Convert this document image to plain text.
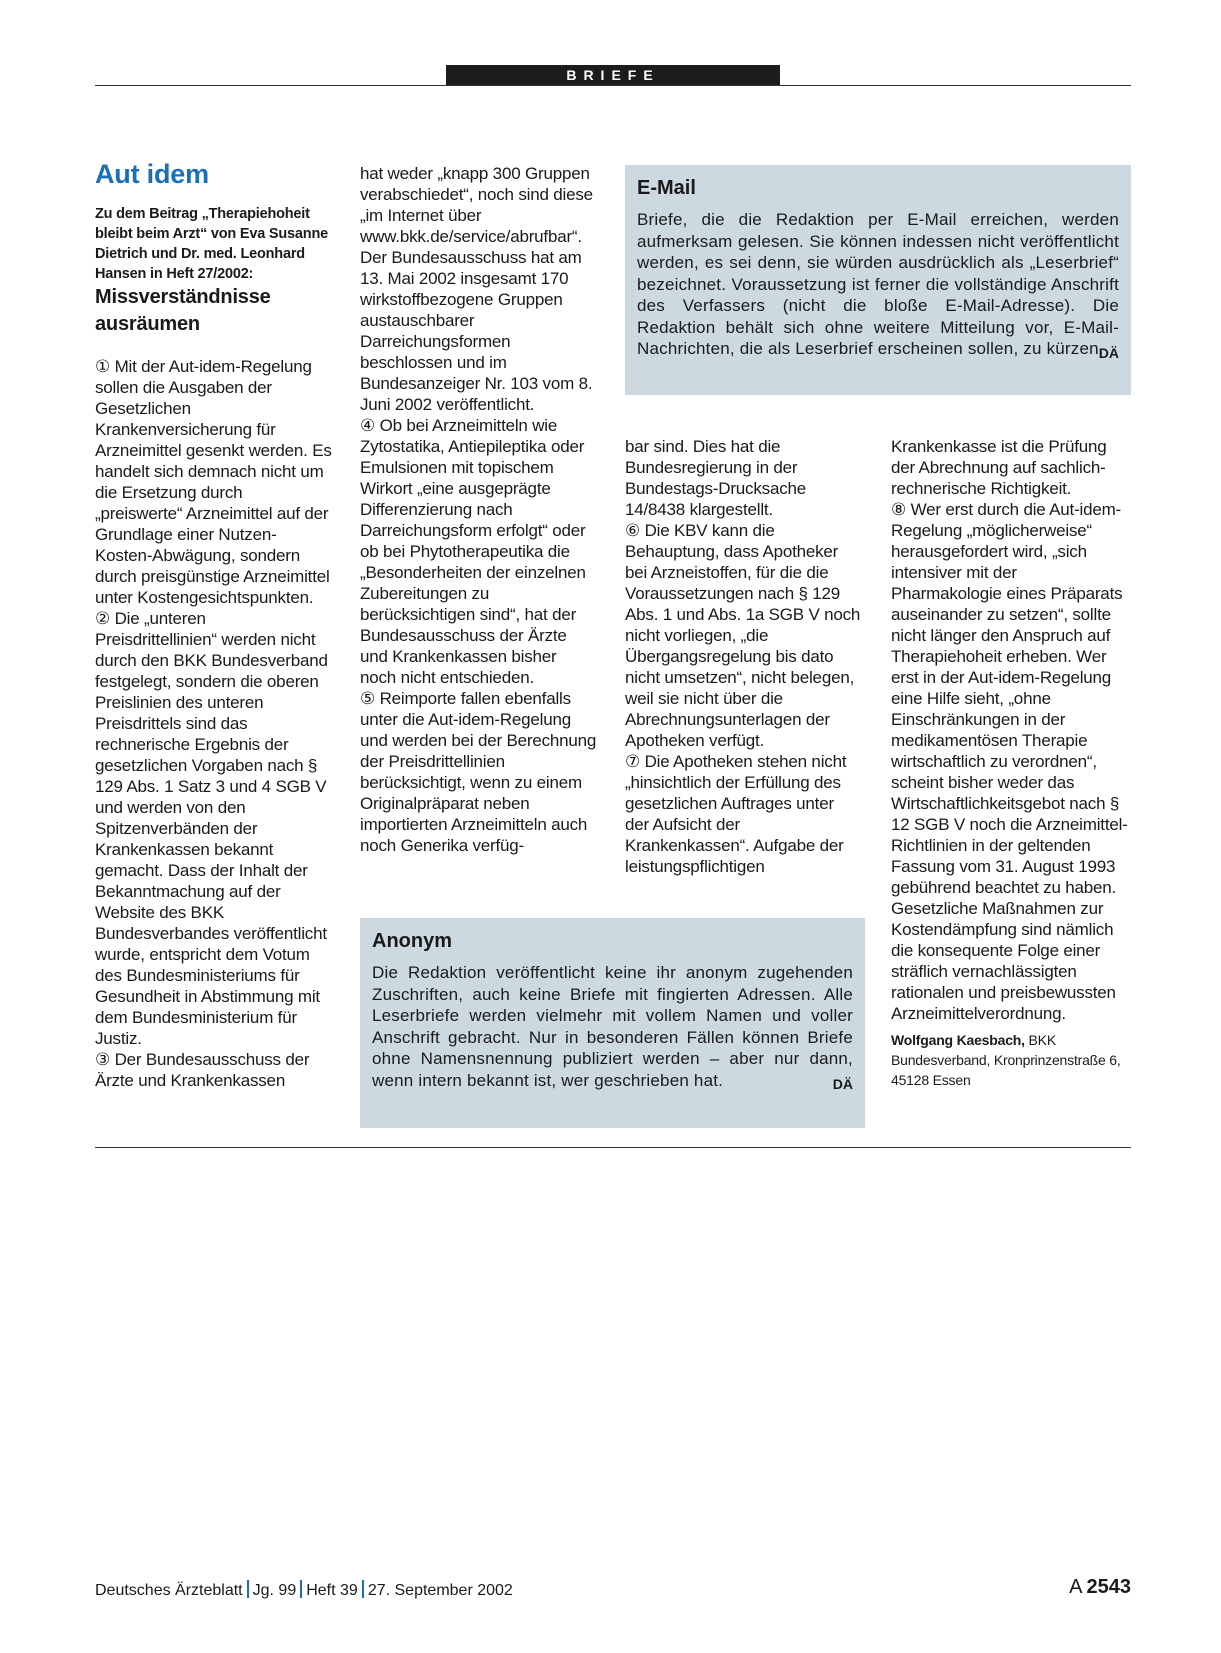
BRIEFE
Aut idem

Zu dem Beitrag „Therapiehoheit bleibt beim Arzt“ von Eva Susanne Dietrich und Dr. med. Leonhard Hansen in Heft 27/2002:

Missverständnisse ausräumen

① Mit der Aut-idem-Regelung sollen die Ausgaben der Gesetzlichen Krankenversicherung für Arzneimittel gesenkt werden. Es handelt sich demnach nicht um die Ersetzung durch „preiswerte“ Arzneimittel auf der Grundlage einer Nutzen-Kosten-Abwägung, sondern durch preisgünstige Arzneimittel unter Kostengesichtspunkten.

② Die „unteren Preisdrittellinien“ werden nicht durch den BKK Bundesverband festgelegt, sondern die oberen Preislinien des unteren Preisdrittels sind das rechnerische Ergebnis der gesetzlichen Vorgaben nach § 129 Abs. 1 Satz 3 und 4 SGB V und werden von den Spitzenverbänden der Krankenkassen bekannt gemacht. Dass der Inhalt der Bekanntmachung auf der Website des BKK Bundesverbandes veröffentlicht wurde, entspricht dem Votum des Bundesministeriums für Gesundheit in Abstimmung mit dem Bundesministerium für Justiz.

③ Der Bundesausschuss der Ärzte und Krankenkassen

hat weder „knapp 300 Gruppen verabschiedet“, noch sind diese „im Internet über www.bkk.de/service/abrufbar“. Der Bundesausschuss hat am 13. Mai 2002 insgesamt 170 wirkstoffbezogene Gruppen austauschbarer Darreichungsformen beschlossen und im Bundesanzeiger Nr. 103 vom 8. Juni 2002 veröffentlicht.

④ Ob bei Arzneimitteln wie Zytostatika, Antiepileptika oder Emulsionen mit topischem Wirkort „eine ausgeprägte Differenzierung nach Darreichungsform erfolgt“ oder ob bei Phytotherapeutika die „Besonderheiten der einzelnen Zubereitungen zu berücksichtigen sind“, hat der Bundesausschuss der Ärzte und Krankenkassen bisher noch nicht entschieden.

⑤ Reimporte fallen ebenfalls unter die Aut-idem-Regelung und werden bei der Berechnung der Preisdrittellinien berücksichtigt, wenn zu einem Originalpräparat neben importierten Arzneimitteln auch noch Generika verfüg-

E-Mail

Briefe, die die Redaktion per E-Mail erreichen, werden aufmerksam gelesen. Sie können indessen nicht veröffentlicht werden, es sei denn, sie würden ausdrücklich als „Leserbrief“ bezeichnet. Voraussetzung ist ferner die vollständige Anschrift des Verfassers (nicht die bloße E-Mail-Adresse). Die Redaktion behält sich ohne weitere Mitteilung vor, E-Mail-Nachrichten, die als Leserbrief erscheinen sollen, zu kürzen.

DÄ

bar sind. Dies hat die Bundesregierung in der Bundestags-Drucksache 14/8438 klargestellt.

⑥ Die KBV kann die Behauptung, dass Apotheker bei Arzneistoffen, für die die Voraussetzungen nach § 129 Abs. 1 und Abs. 1a SGB V noch nicht vorliegen, „die Übergangsregelung bis dato nicht umsetzen“, nicht belegen, weil sie nicht über die Abrechnungsunterlagen der Apotheken verfügt.

⑦ Die Apotheken stehen nicht „hinsichtlich der Erfüllung des gesetzlichen Auftrages unter der Aufsicht der Krankenkassen“. Aufgabe der leistungspflichtigen

Krankenkasse ist die Prüfung der Abrechnung auf sachlich-rechnerische Richtigkeit.

⑧ Wer erst durch die Aut-idem-Regelung „möglicherweise“ herausgefordert wird, „sich intensiver mit der Pharmakologie eines Präparats auseinander zu setzen“, sollte nicht länger den Anspruch auf Therapiehoheit erheben. Wer erst in der Aut-idem-Regelung eine Hilfe sieht, „ohne Einschränkungen in der medikamentösen Therapie wirtschaftlich zu verordnen“, scheint bisher weder das Wirtschaftlichkeitsgebot nach § 12 SGB V noch die Arzneimittel-Richtlinien in der geltenden Fassung vom 31. August 1993 gebührend beachtet zu haben. Gesetzliche Maßnahmen zur Kostendämpfung sind nämlich die konsequente Folge einer sträflich vernachlässigten rationalen und preisbewussten Arzneimittelverordnung.

Wolfgang Kaesbach, BKK Bundesverband, Kronprinzenstraße 6, 45128 Essen
Anonym

Die Redaktion veröffentlicht keine ihr anonym zugehenden Zuschriften, auch keine Briefe mit fingierten Adressen. Alle Leserbriefe werden vielmehr mit vollem Namen und voller Anschrift gebracht. Nur in besonderen Fällen können Briefe ohne Namensnennung publiziert werden – aber nur dann, wenn intern bekannt ist, wer geschrieben hat.	DÄ
Deutsches Ärzteblatt Jg. 99 Heft 39 27. September 2002	A  2543
